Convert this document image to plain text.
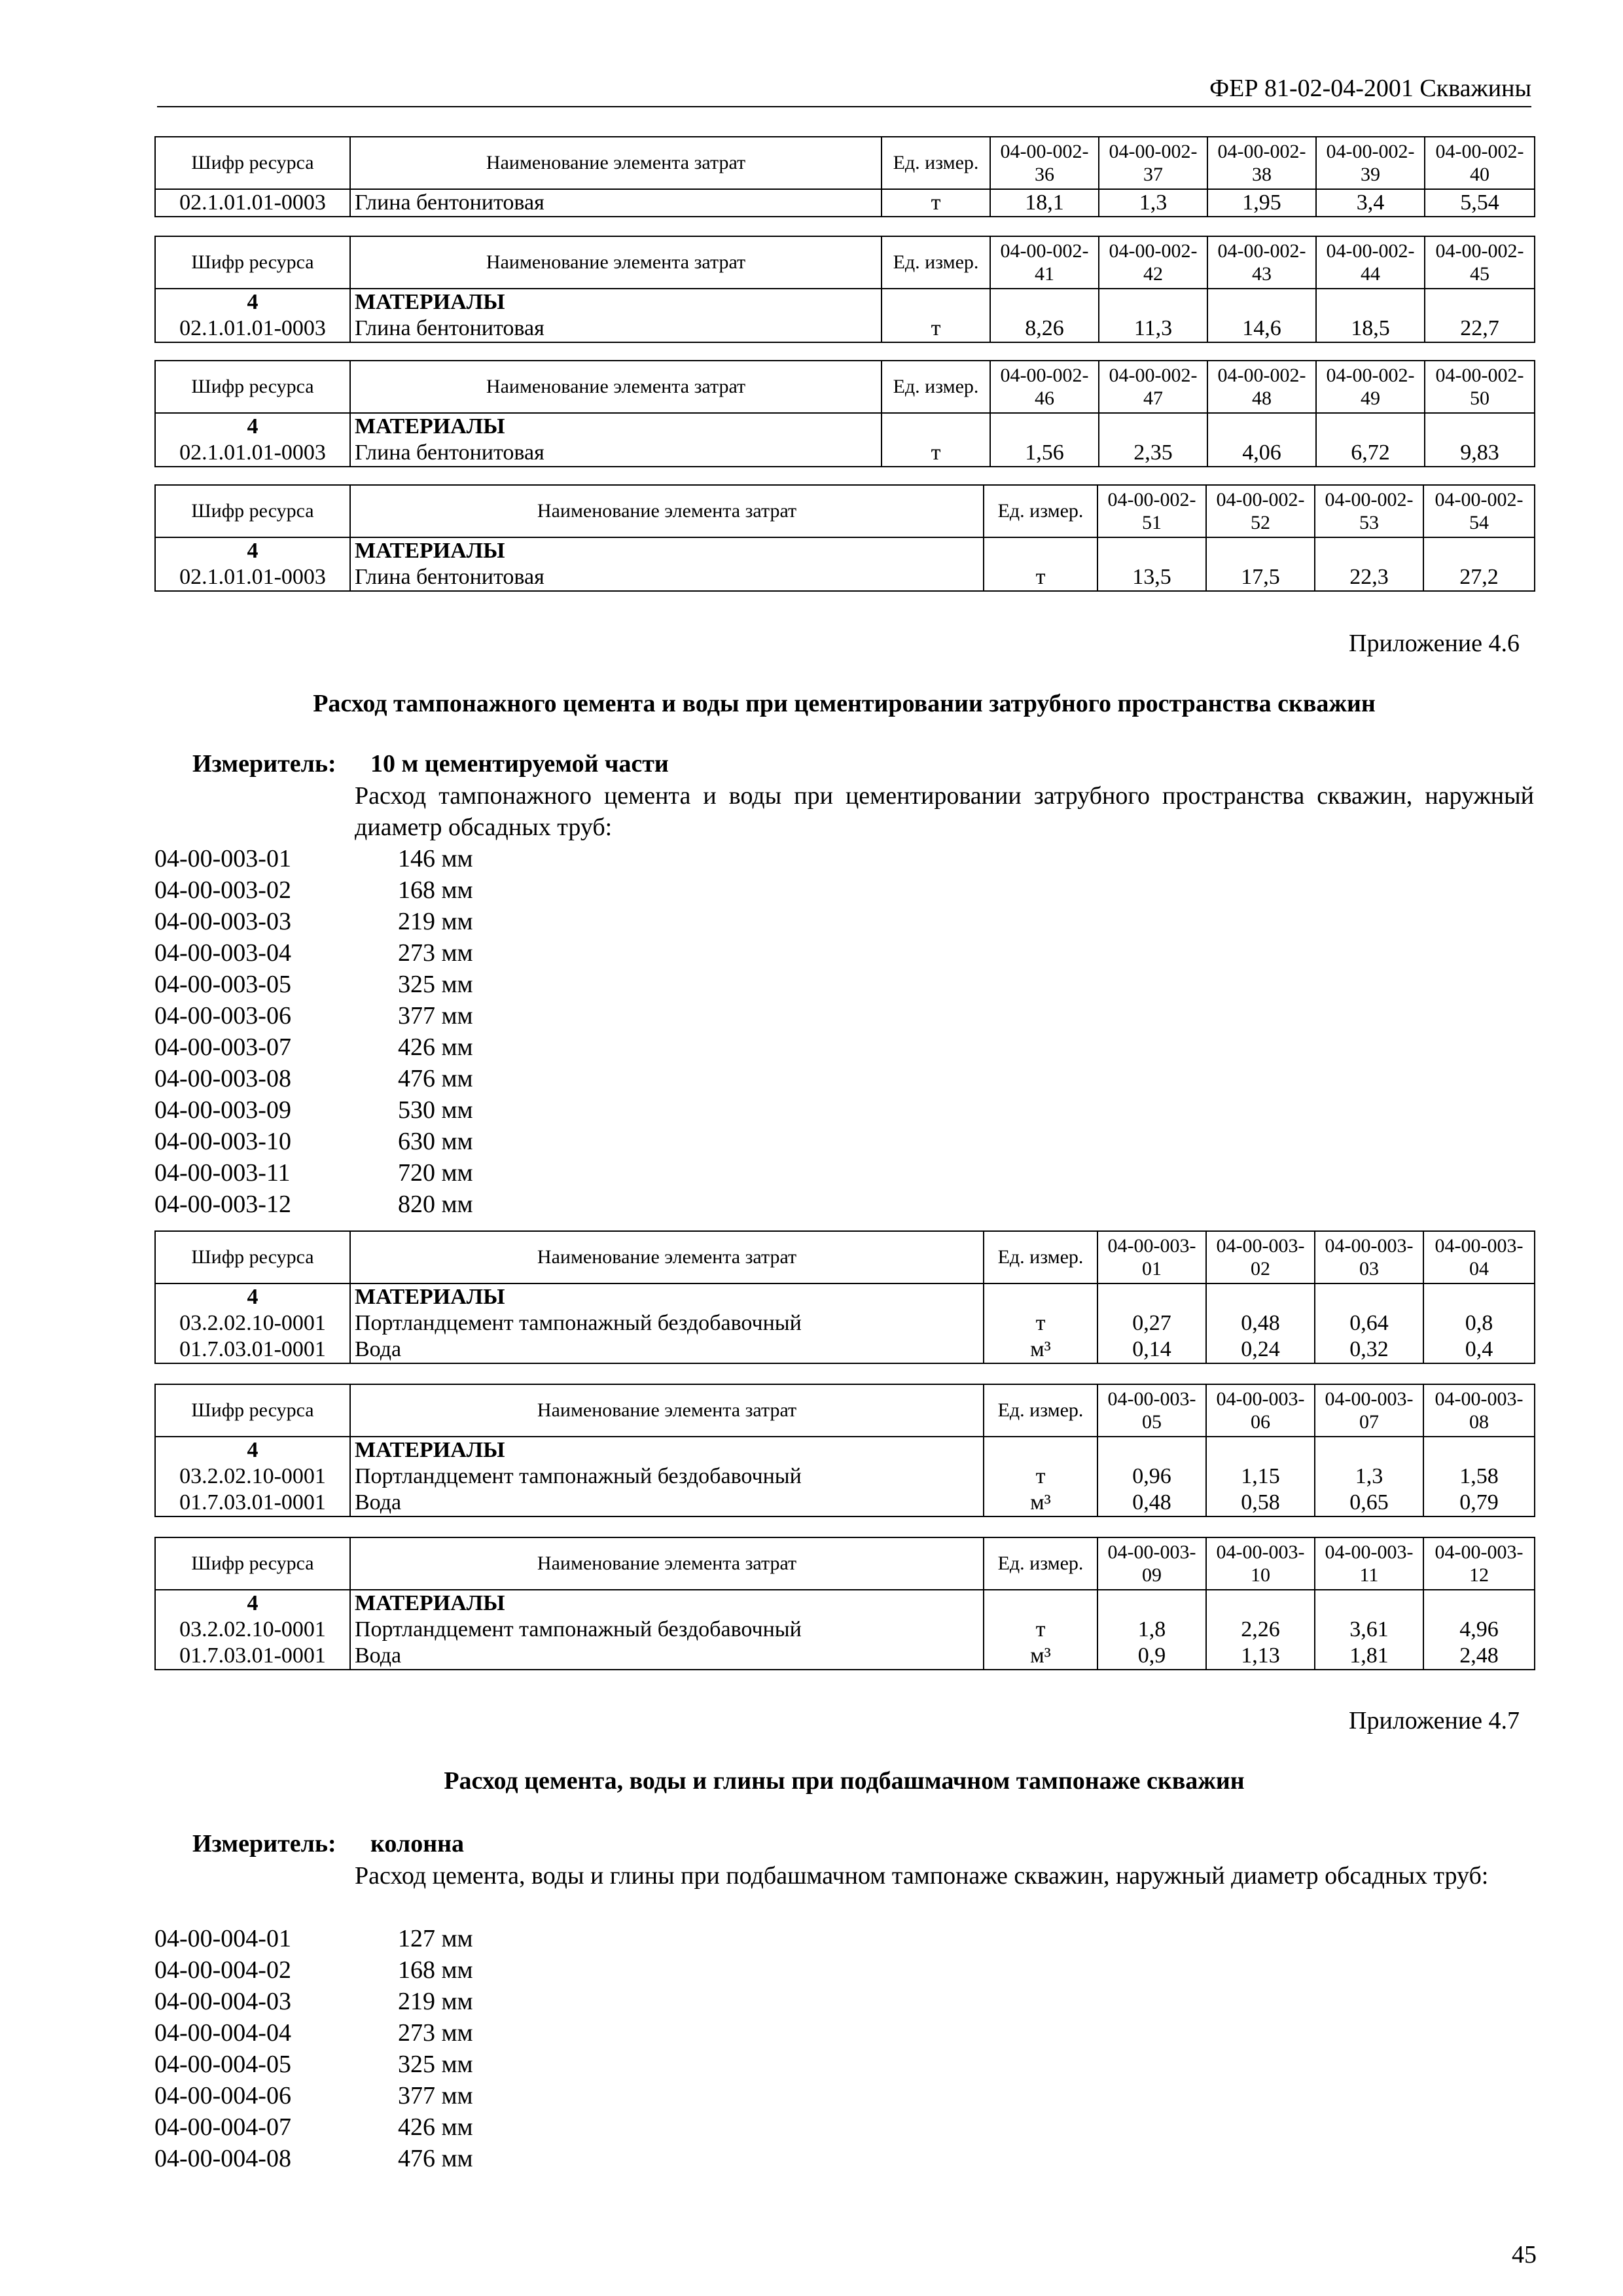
ФЕР 81-02-04-2001 Скважины
Шифр ресурса	Наименование элемента затрат	Ед. измер.	04-00-002-36	04-00-002-37	04-00-002-38	04-00-002-39	04-00-002-40
02.1.01.01-0003	Глина бентонитовая	т	18,1	1,3	1,95	3,4	5,54
Шифр ресурса	Наименование элемента затрат	Ед. измер.	04-00-002-41	04-00-002-42	04-00-002-43	04-00-002-44	04-00-002-45
4	МАТЕРИАЛЫ						
02.1.01.01-0003	Глина бентонитовая	т	8,26	11,3	14,6	18,5	22,7
Шифр ресурса	Наименование элемента затрат	Ед. измер.	04-00-002-46	04-00-002-47	04-00-002-48	04-00-002-49	04-00-002-50
4	МАТЕРИАЛЫ						
02.1.01.01-0003	Глина бентонитовая	т	1,56	2,35	4,06	6,72	9,83
Шифр ресурса	Наименование элемента затрат	Ед. измер.	04-00-002-51	04-00-002-52	04-00-002-53	04-00-002-54
4	МАТЕРИАЛЫ					
02.1.01.01-0003	Глина бентонитовая	т	13,5	17,5	22,3	27,2
Приложение 4.6
Расход тампонажного цемента и воды при цементировании затрубного пространства скважин
Измеритель: 10 м цементируемой части
Расход тампонажного цемента и воды при цементировании затрубного пространства скважин, наружный диаметр обсадных труб:
04-00-003-01	146 мм
04-00-003-02	168 мм
04-00-003-03	219 мм
04-00-003-04	273 мм
04-00-003-05	325 мм
04-00-003-06	377 мм
04-00-003-07	426 мм
04-00-003-08	476 мм
04-00-003-09	530 мм
04-00-003-10	630 мм
04-00-003-11	720 мм
04-00-003-12	820 мм
Шифр ресурса	Наименование элемента затрат	Ед. измер.	04-00-003-01	04-00-003-02	04-00-003-03	04-00-003-04
4	МАТЕРИАЛЫ					
03.2.02.10-0001	Портландцемент тампонажный бездобавочный	т	0,27	0,48	0,64	0,8
01.7.03.01-0001	Вода	м³	0,14	0,24	0,32	0,4
Шифр ресурса	Наименование элемента затрат	Ед. измер.	04-00-003-05	04-00-003-06	04-00-003-07	04-00-003-08
4	МАТЕРИАЛЫ					
03.2.02.10-0001	Портландцемент тампонажный бездобавочный	т	0,96	1,15	1,3	1,58
01.7.03.01-0001	Вода	м³	0,48	0,58	0,65	0,79
Шифр ресурса	Наименование элемента затрат	Ед. измер.	04-00-003-09	04-00-003-10	04-00-003-11	04-00-003-12
4	МАТЕРИАЛЫ					
03.2.02.10-0001	Портландцемент тампонажный бездобавочный	т	1,8	2,26	3,61	4,96
01.7.03.01-0001	Вода	м³	0,9	1,13	1,81	2,48
Приложение 4.7
Расход цемента, воды и глины при подбашмачном тампонаже скважин
Измеритель: колонна
Расход цемента, воды и глины при подбашмачном тампонаже скважин, наружный диаметр обсадных труб:
04-00-004-01	127 мм
04-00-004-02	168 мм
04-00-004-03	219 мм
04-00-004-04	273 мм
04-00-004-05	325 мм
04-00-004-06	377 мм
04-00-004-07	426 мм
04-00-004-08	476 мм
45
